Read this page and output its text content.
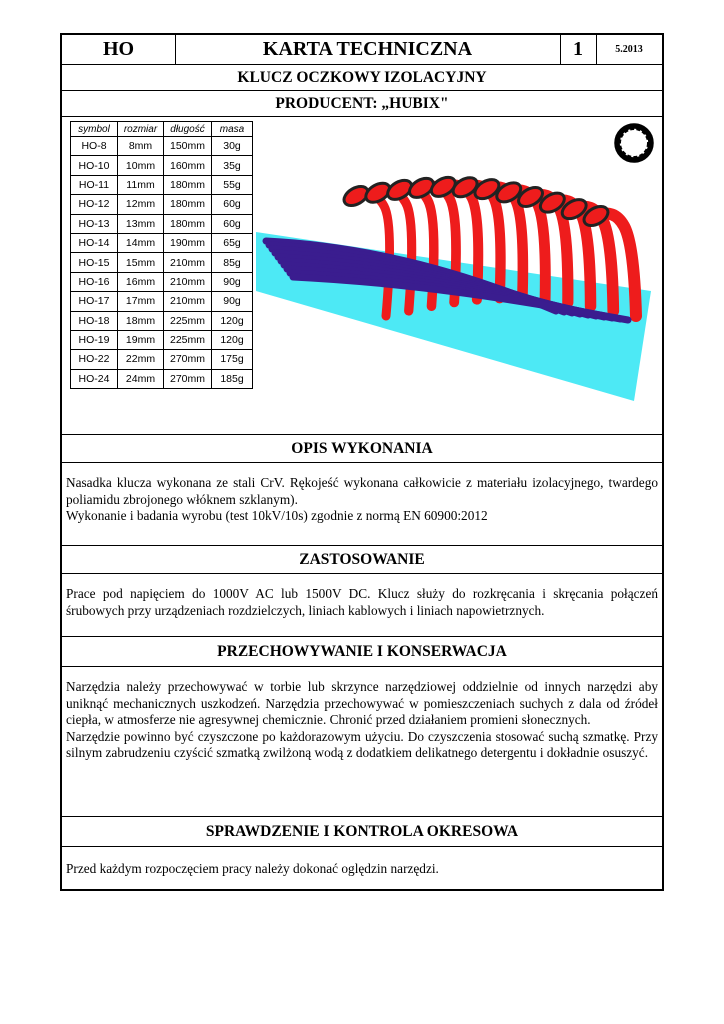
HO	KARTA TECHNICZNA	1	5.2013
KLUCZ OCZKOWY IZOLACYJNY
PRODUCENT: „HUBIX"
symbol	rozmiar	długość	masa
HO-8	8mm	150mm	30g
HO-10	10mm	160mm	35g
HO-11	11mm	180mm	55g
HO-12	12mm	180mm	60g
HO-13	13mm	180mm	60g
HO-14	14mm	190mm	65g
HO-15	15mm	210mm	85g
HO-16	16mm	210mm	90g
HO-17	17mm	210mm	90g
HO-18	18mm	225mm	120g
HO-19	19mm	225mm	120g
HO-22	22mm	270mm	175g
HO-24	24mm	270mm	185g
OPIS WYKONANIA

Nasadka klucza wykonana ze stali CrV. Rękojeść wykonana całkowicie z materiału izolacyjnego, twardego poliamidu zbrojonego włóknem szklanym).

Wykonanie i badania wyrobu (test 10kV/10s) zgodnie z normą EN 60900:2012

ZASTOSOWANIE

Prace pod napięciem do 1000V AC lub 1500V DC. Klucz służy do rozkręcania i skręcania połączeń śrubowych przy urządzeniach rozdzielczych, liniach kablowych i liniach napowietrznych.

PRZECHOWYWANIE I KONSERWACJA

Narzędzia należy przechowywać w torbie lub skrzynce narzędziowej oddzielnie od innych narzędzi aby uniknąć mechanicznych uszkodzeń. Narzędzia przechowywać w pomieszczeniach suchych z dala od źródeł ciepła, w atmosferze nie agresywnej chemicznie. Chronić przed działaniem promieni słonecznych.

Narzędzie powinno być czyszczone po każdorazowym użyciu. Do czyszczenia stosować suchą szmatkę. Przy silnym zabrudzeniu czyścić szmatką zwilżoną wodą z dodatkiem delikatnego detergentu i dokładnie osuszyć.

SPRAWDZENIE I KONTROLA OKRESOWA

Przed każdym rozpoczęciem pracy należy dokonać oględzin narzędzi.
